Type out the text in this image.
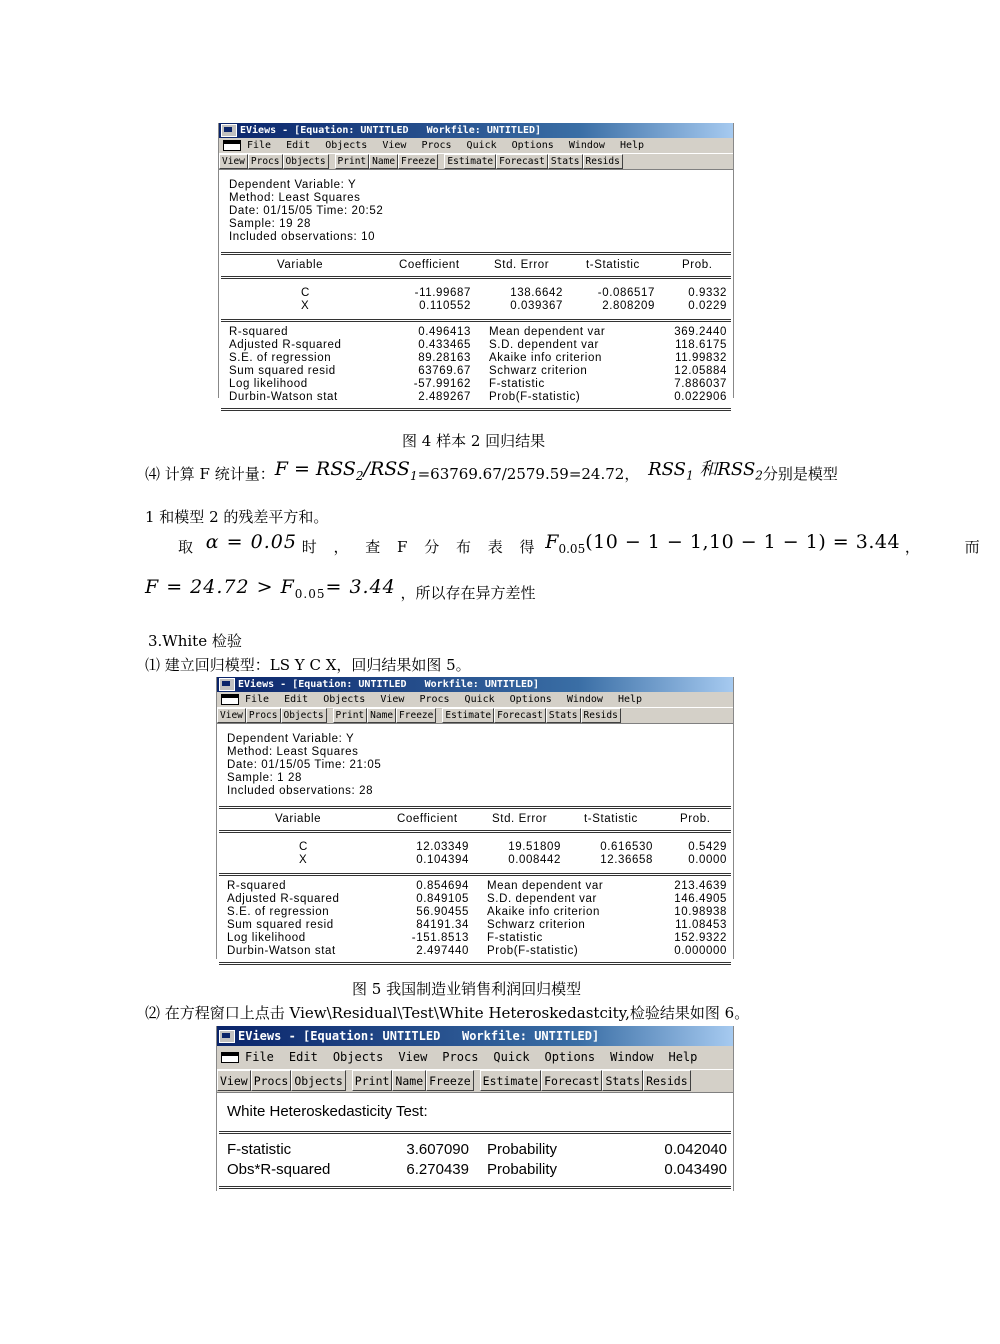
EViews - [Equation: UNTITLED   Workfile: UNTITLED]
File Edit Objects View Procs Quick Options Window Help
View Procs Objects	Print Name Freeze	Estimate Forecast Stats Resids
Dependent Variable: Y
Method: Least Squares
Date: 01/15/05 Time: 20:52
Sample: 19 28
Included observations: 10
Variable	Coefficient	Std. Error	t-Statistic	Prob.
C	-11.99687	138.6642	-0.086517	0.9332
X	0.110552	0.039367	2.808209	0.0229
R-squared	0.496413 Mean dependent var	369.2440
Adjusted R-squared	0.433465 S.D. dependent var	118.6175
S.E. of regression	89.28163 Akaike info criterion	11.99832
Sum squared resid	63769.67 Schwarz criterion	12.05884
Log likelihood	-57.99162 F-statistic	7.886037
Durbin-Watson stat	2.489267 Prob(F-statistic)	0.022906
图 4 样本 2 回归结果
⑷ 计算 F 统计量：$F = RSS_2/RSS_1=63769.67/2579.59=24.72$， $RSS_1$ 和$RSS_2$分别是模型
1 和模型 2 的残差平方和。
取 α = 0.05 时 ， 查 F 分 布 表 得 $F_{0.05}(10 - 1 - 1,10 - 1 - 1) = 3.44$ ， 而
$F = 24.72 > F_{0.05}= 3.44$ ，所以存在异方差性
3.White 检验
⑴ 建立回归模型：LS Y C X，回归结果如图 5。
EViews - [Equation: UNTITLED   Workfile: UNTITLED]
File Edit Objects View Procs Quick Options Window Help
View Procs Objects	Print Name Freeze	Estimate Forecast Stats Resids
Dependent Variable: Y
Method: Least Squares
Date: 01/15/05 Time: 21:05
Sample: 1 28
Included observations: 28
Variable	Coefficient	Std. Error	t-Statistic	Prob.
C	12.03349	19.51809	0.616530	0.5429
X	0.104394	0.008442	12.36658	0.0000
R-squared	0.854694 Mean dependent var	213.4639
Adjusted R-squared	0.849105 S.D. dependent var	146.4905
S.E. of regression	56.90455 Akaike info criterion	10.98938
Sum squared resid	84191.34 Schwarz criterion	11.08453
Log likelihood	-151.8513 F-statistic	152.9322
Durbin-Watson stat	2.497440 Prob(F-statistic)	0.000000
图 5 我国制造业销售利润回归模型
⑵ 在方程窗口上点击 View\Residual\Test\White Heteroskedastcity,检验结果如图 6。
EViews - [Equation: UNTITLED   Workfile: UNTITLED]
File Edit Objects View Procs Quick Options Window Help
View Procs Objects Print Name Freeze Estimate Forecast Stats Resids
White Heteroskedasticity Test:
F-statistic	3.607090 Probability	0.042040
Obs*R-squared	6.270439 Probability	0.043490
